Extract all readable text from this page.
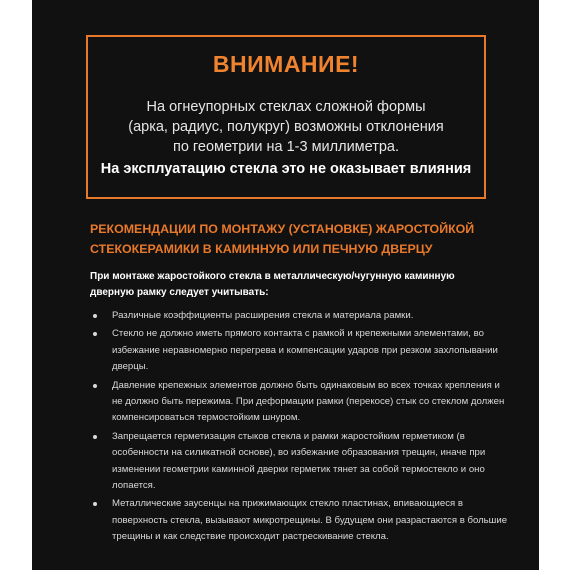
ВНИМАНИЕ!
На огнеупорных стеклах сложной формы
(арка, радиус, полукруг) возможны отклонения
по геометрии на 1-3 миллиметра.
На эксплуатацию стекла это не оказывает влияния
РЕКОМЕНДАЦИИ ПО МОНТАЖУ (УСТАНОВКЕ) ЖАРОСТОЙКОЙ
СТЕКОКЕРАМИКИ В КАМИННУЮ ИЛИ ПЕЧНУЮ ДВЕРЦУ
При монтаже жаростойкого стекла в металлическую/чугунную каминную
дверную рамку следует учитывать:
Различные коэффициенты расширения стекла и материала рамки.
Стекло не должно иметь прямого контакта с рамкой и крепежными элементами, во избежание неравномерно перегрева и компенсации ударов при резком захлопывании дверцы.
Давление крепежных элементов должно быть одинаковым во всех точках крепления и не должно быть пережима. При деформации рамки (перекосе) стык со стеклом должен компенсироваться термостойким шнуром.
Запрещается герметизация стыков стекла и рамки жаростойким герметиком (в особенности на силикатной основе), во избежание образования трещин, иначе при изменении геометрии каминной дверки герметик тянет за собой термостекло и оно лопается.
Металлические заусенцы на прижимающих стекло пластинах, впивающиеся в поверхность стекла, вызывают микротрещины. В будущем они разрастаются в большие трещины и как следствие происходит растрескивание стекла.
